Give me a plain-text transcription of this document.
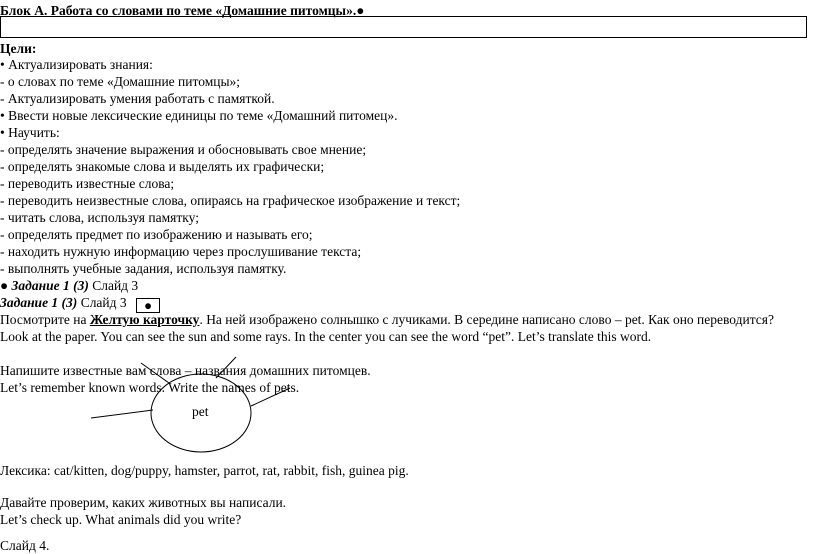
Блок А. Работа со словами по теме «Домашние питомцы».●
Цели:
• Актуализировать знания:
- о словах по теме «Домашние питомцы»;
- Актуализировать умения работать с памяткой.
• Ввести новые лексические единицы по теме «Домашний питомец».
• Научить:
- определять значение выражения и обосновывать свое мнение;
- определять знакомые слова и выделять их графически;
- переводить известные слова;
- переводить неизвестные слова, опираясь на графическое изображение и текст;
- читать слова, используя памятку;
- определять предмет по изображению и называть его;
- находить нужную информацию через прослушивание текста;
- выполнять учебные задания, используя памятку.
● Задание 1 (3) Слайд 3
Задание 1 (3) Слайд 3 ●
Посмотрите на Желтую карточку. На ней изображено солнышко с лучиками. В середине написано слово – pet. Как оно переводится?
Look at the paper. You can see the sun and some rays. In the center you can see the word “pet”. Let’s translate this word.
Напишите известные вам слова – названия домашних питомцев.
Let’s remember known words. Write the names of pets.
pet
Лексика: cat/kitten, dog/puppy, hamster, parrot, rat, rabbit, fish, guinea pig.
Давайте проверим, каких животных вы написали.
Let’s check up. What animals did you write?
Слайд 4.
